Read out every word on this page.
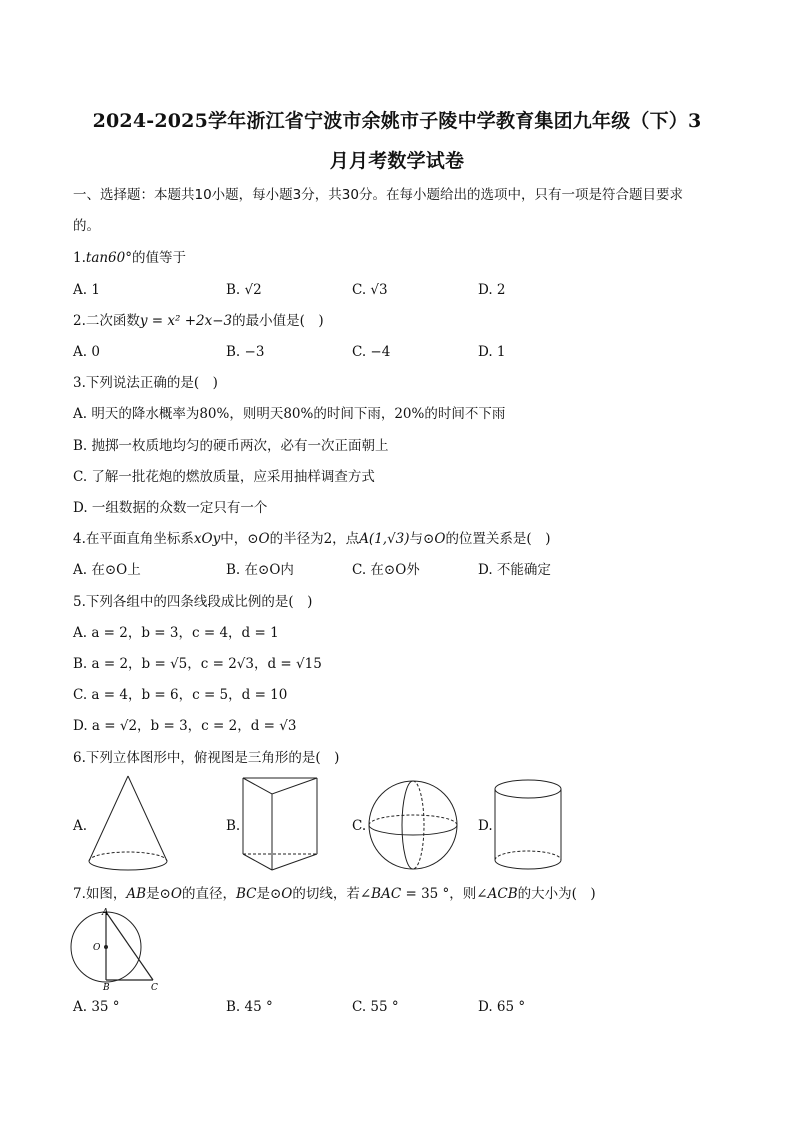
2024-2025学年浙江省宁波市余姚市子陵中学教育集团九年级（下）3
月月考数学试卷
一、选择题：本题共10小题，每小题3分，共30分。在每小题给出的选项中，只有一项是符合题目要求
的。
1.tan60°的值等于
A. 1	B. √2	C. √3	D. 2
2.二次函数y = x² +2x−3的最小值是(　)
A. 0	B. −3	C. −4	D. 1
3.下列说法正确的是(　)
A. 明天的降水概率为80%，则明天80%的时间下雨，20%的时间不下雨
B. 抛掷一枚质地均匀的硬币两次，必有一次正面朝上
C. 了解一批花炮的燃放质量，应采用抽样调查方式
D. 一组数据的众数一定只有一个
4.在平面直角坐标系xOy中，⊙O的半径为2，点A(1,√3)与⊙O的位置关系是(　)
A. 在⊙O上	B. 在⊙O内	C. 在⊙O外	D. 不能确定
5.下列各组中的四条线段成比例的是(　)
A. a = 2，b = 3，c = 4，d = 1
B. a = 2，b = √5，c = 2√3，d = √15
C. a = 4，b = 6，c = 5，d = 10
D. a = √2，b = 3，c = 2，d = √3
6.下列立体图形中，俯视图是三角形的是(　)
A.	B.	C.	D.
7.如图，AB是⊙O的直径，BC是⊙O的切线，若∠BAC = 35 °，则∠ACB的大小为(　)
A
O
B	C
A. 35 °	B. 45 °	C. 55 °	D. 65 °
